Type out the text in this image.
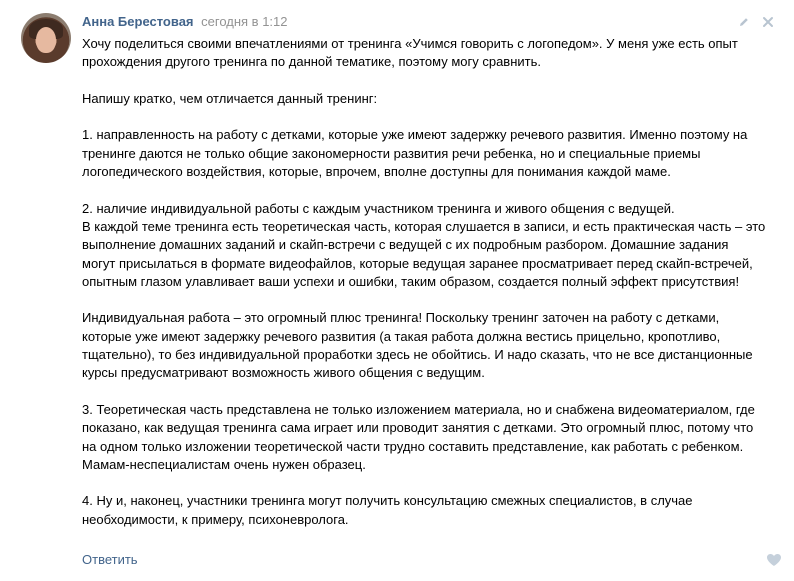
Анна Берестовая сегодня в 1:12

Хочу поделиться своими впечатлениями от тренинга «Учимся говорить с логопедом». У меня уже есть опыт
прохождения другого тренинга по данной тематике, поэтому могу сравнить.

Напишу кратко, чем отличается данный тренинг:

1. направленность на работу с детками, которые уже имеют задержку речевого развития. Именно поэтому на
тренинге даются не только общие закономерности развития речи ребенка, но и специальные приемы
логопедического воздействия, которые, впрочем, вполне доступны для понимания каждой маме.

2. наличие индивидуальной работы с каждым участником тренинга и живого общения с ведущей.
В каждой теме тренинга есть теоретическая часть, которая слушается в записи, и есть практическая часть – это
выполнение домашних заданий и скайп-встречи с ведущей с их подробным разбором. Домашние задания
могут присылаться в формате видеофайлов, которые ведущая заранее просматривает перед скайп-встречей,
опытным глазом улавливает ваши успехи и ошибки, таким образом, создается полный эффект присутствия!

Индивидуальная работа – это огромный плюс тренинга! Поскольку тренинг заточен на работу с детками,
которые уже имеют задержку речевого развития (а такая работа должна вестись прицельно, кропотливо,
тщательно), то без индивидуальной проработки здесь не обойтись. И надо сказать, что не все дистанционные
курсы предусматривают возможность живого общения с ведущим.

3. Теоретическая часть представлена не только изложением материала, но и снабжена видеоматериалом, где
показано, как ведущая тренинга сама играет или проводит занятия с детками. Это огромный плюс, потому что
на одном только изложении теоретической части трудно составить представление, как работать с ребенком.
Мамам-неспециалистам очень нужен образец.

4. Ну и, наконец, участники тренинга могут получить консультацию смежных специалистов, в случае
необходимости, к примеру, психоневролога.

Ответить
